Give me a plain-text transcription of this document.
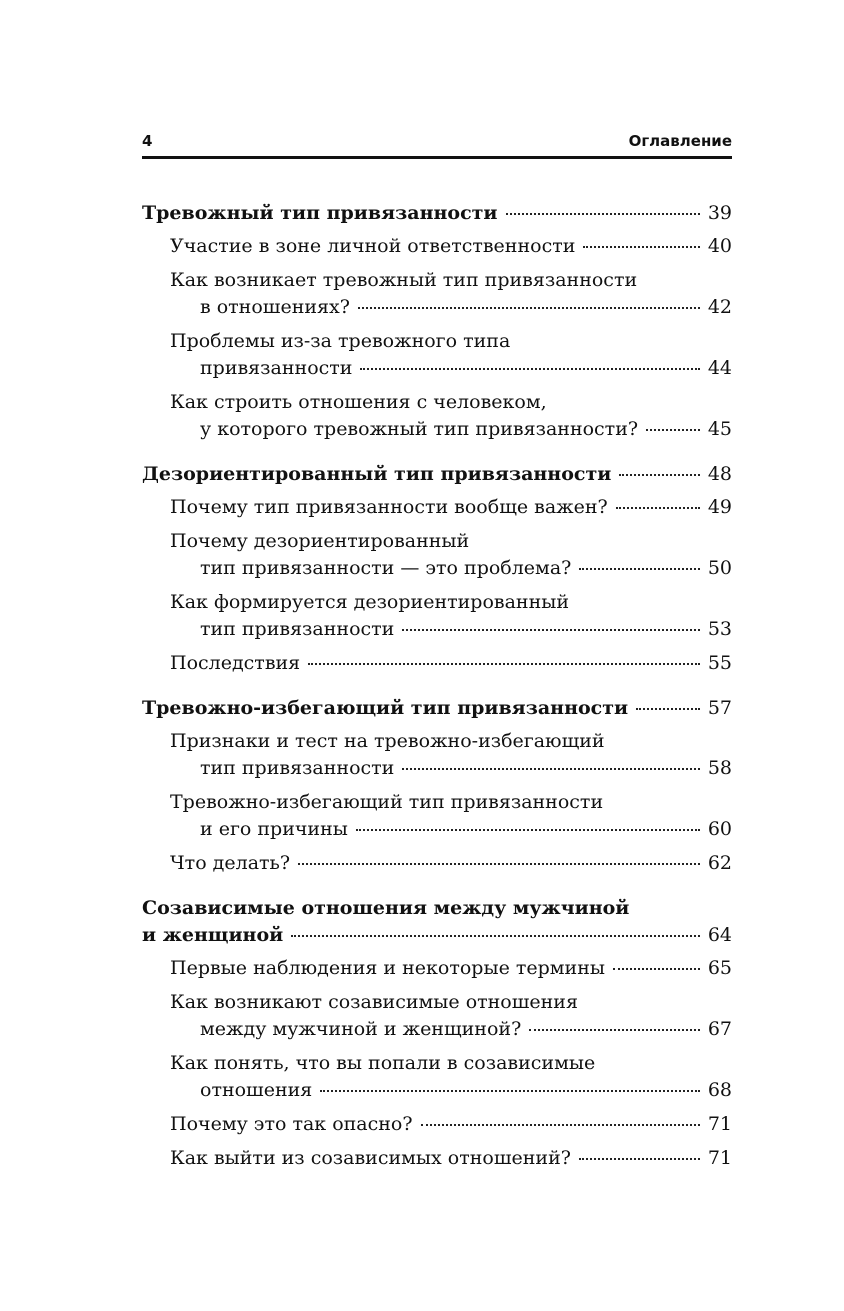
4	Оглавление
Тревожный тип привязанности	39
Участие в зоне личной ответственности	40
Как возникает тревожный тип привязанности
в отношениях?	42
Проблемы из-за тревожного типа
привязанности	44
Как строить отношения с человеком,
у которого тревожный тип привязанности?	45
Дезориентированный тип привязанности	48
Почему тип привязанности вообще важен?	49
Почему дезориентированный
тип привязанности — это проблема?	50
Как формируется дезориентированный
тип привязанности	53
Последствия	55
Тревожно-избегающий тип привязанности	57
Признаки и тест на тревожно-избегающий
тип привязанности	58
Тревожно-избегающий тип привязанности
и его причины	60
Что делать?	62
Созависимые отношения между мужчиной
и женщиной	64
Первые наблюдения и некоторые термины	65
Как возникают созависимые отношения
между мужчиной и женщиной?	67
Как понять, что вы попали в созависимые
отношения	68
Почему это так опасно?	71
Как выйти из созависимых отношений?	71
